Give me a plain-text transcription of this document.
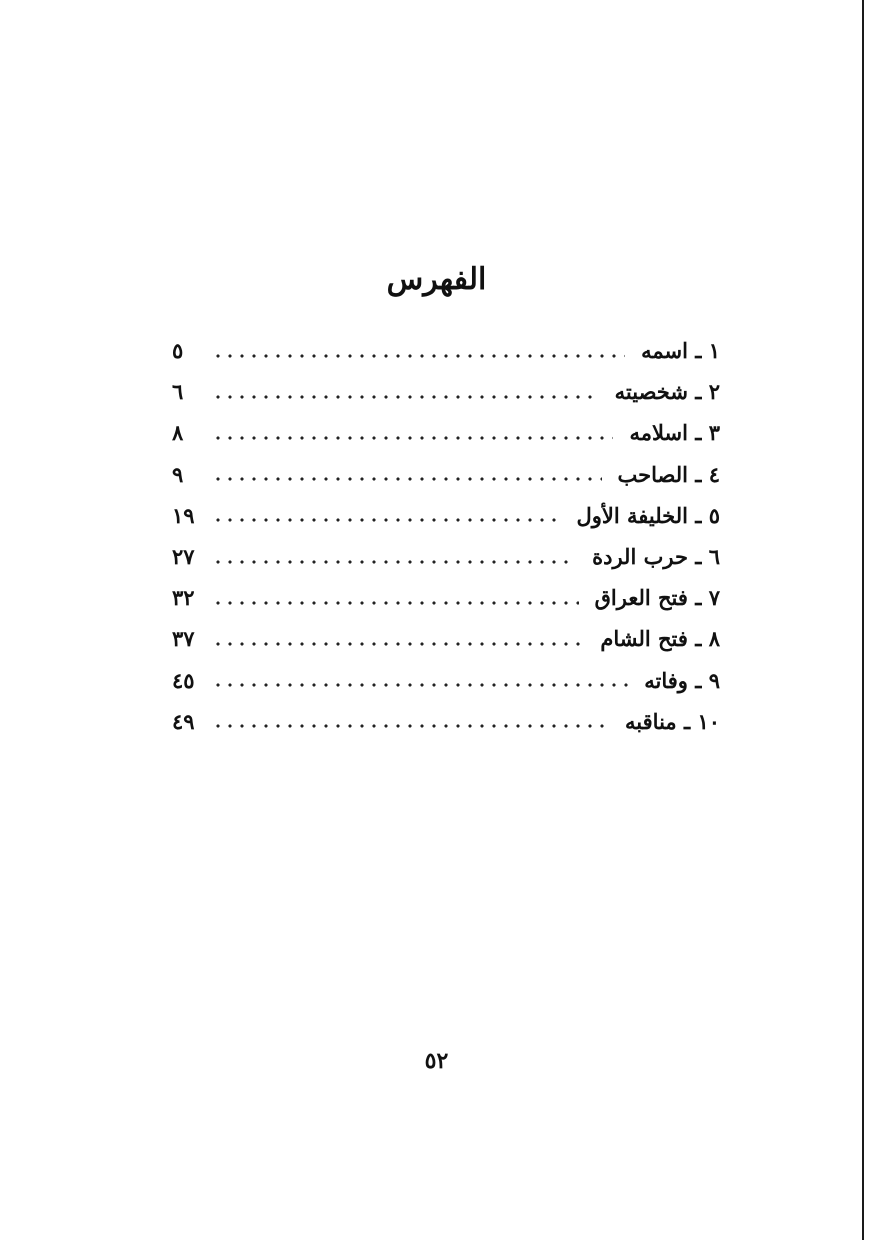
الفهرس
١ ـ اسمه
٥
٢ ـ شخصيته
٦
٣ ـ اسلامه
٨
٤ ـ الصاحب
٩
٥ ـ الخليفة الأول
١٩
٦ ـ حرب الردة
٢٧
٧ ـ فتح العراق
٣٢
٨ ـ فتح الشام
٣٧
٩ ـ وفاته
٤٥
١٠ ـ مناقبه
٤٩
٥٢
